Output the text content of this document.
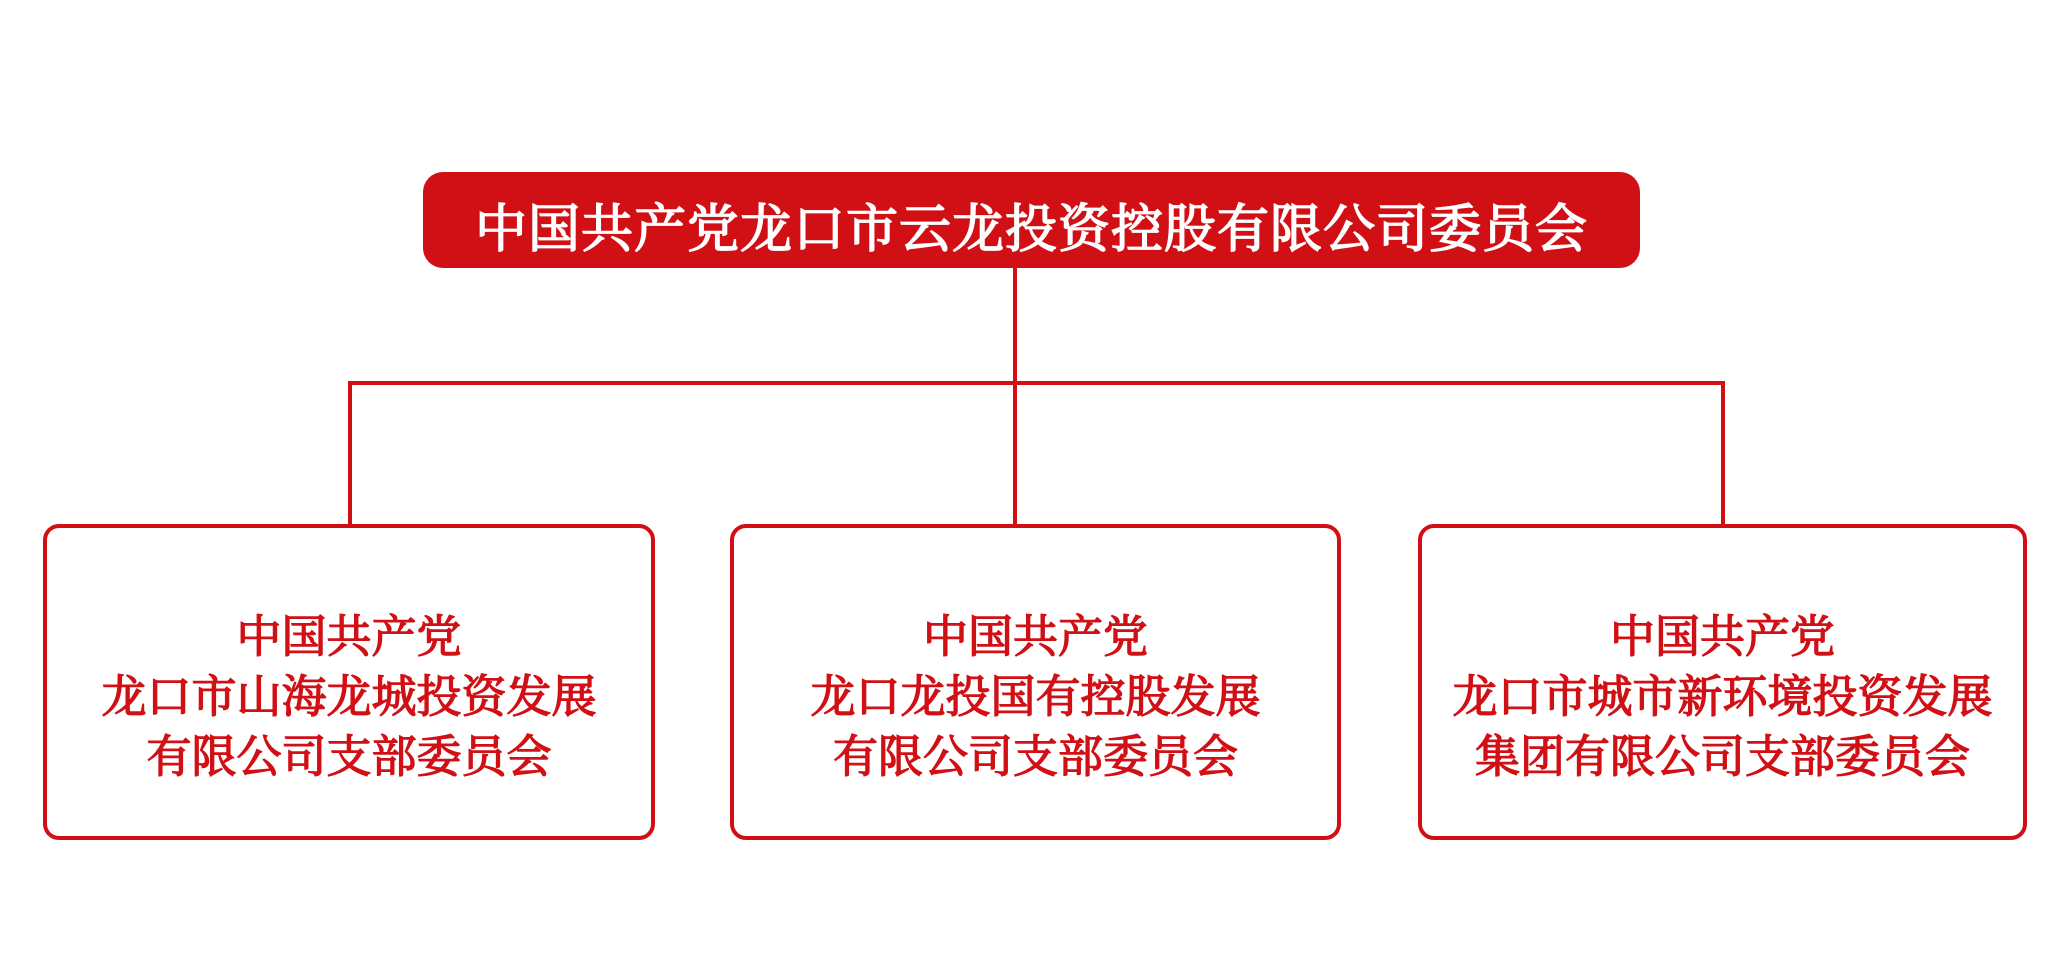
中国共产党龙口市云龙投资控股有限公司委员会
中国共产党
龙口市山海龙城投资发展
有限公司支部委员会
中国共产党
龙口龙投国有控股发展
有限公司支部委员会
中国共产党
龙口市城市新环境投资发展
集团有限公司支部委员会
